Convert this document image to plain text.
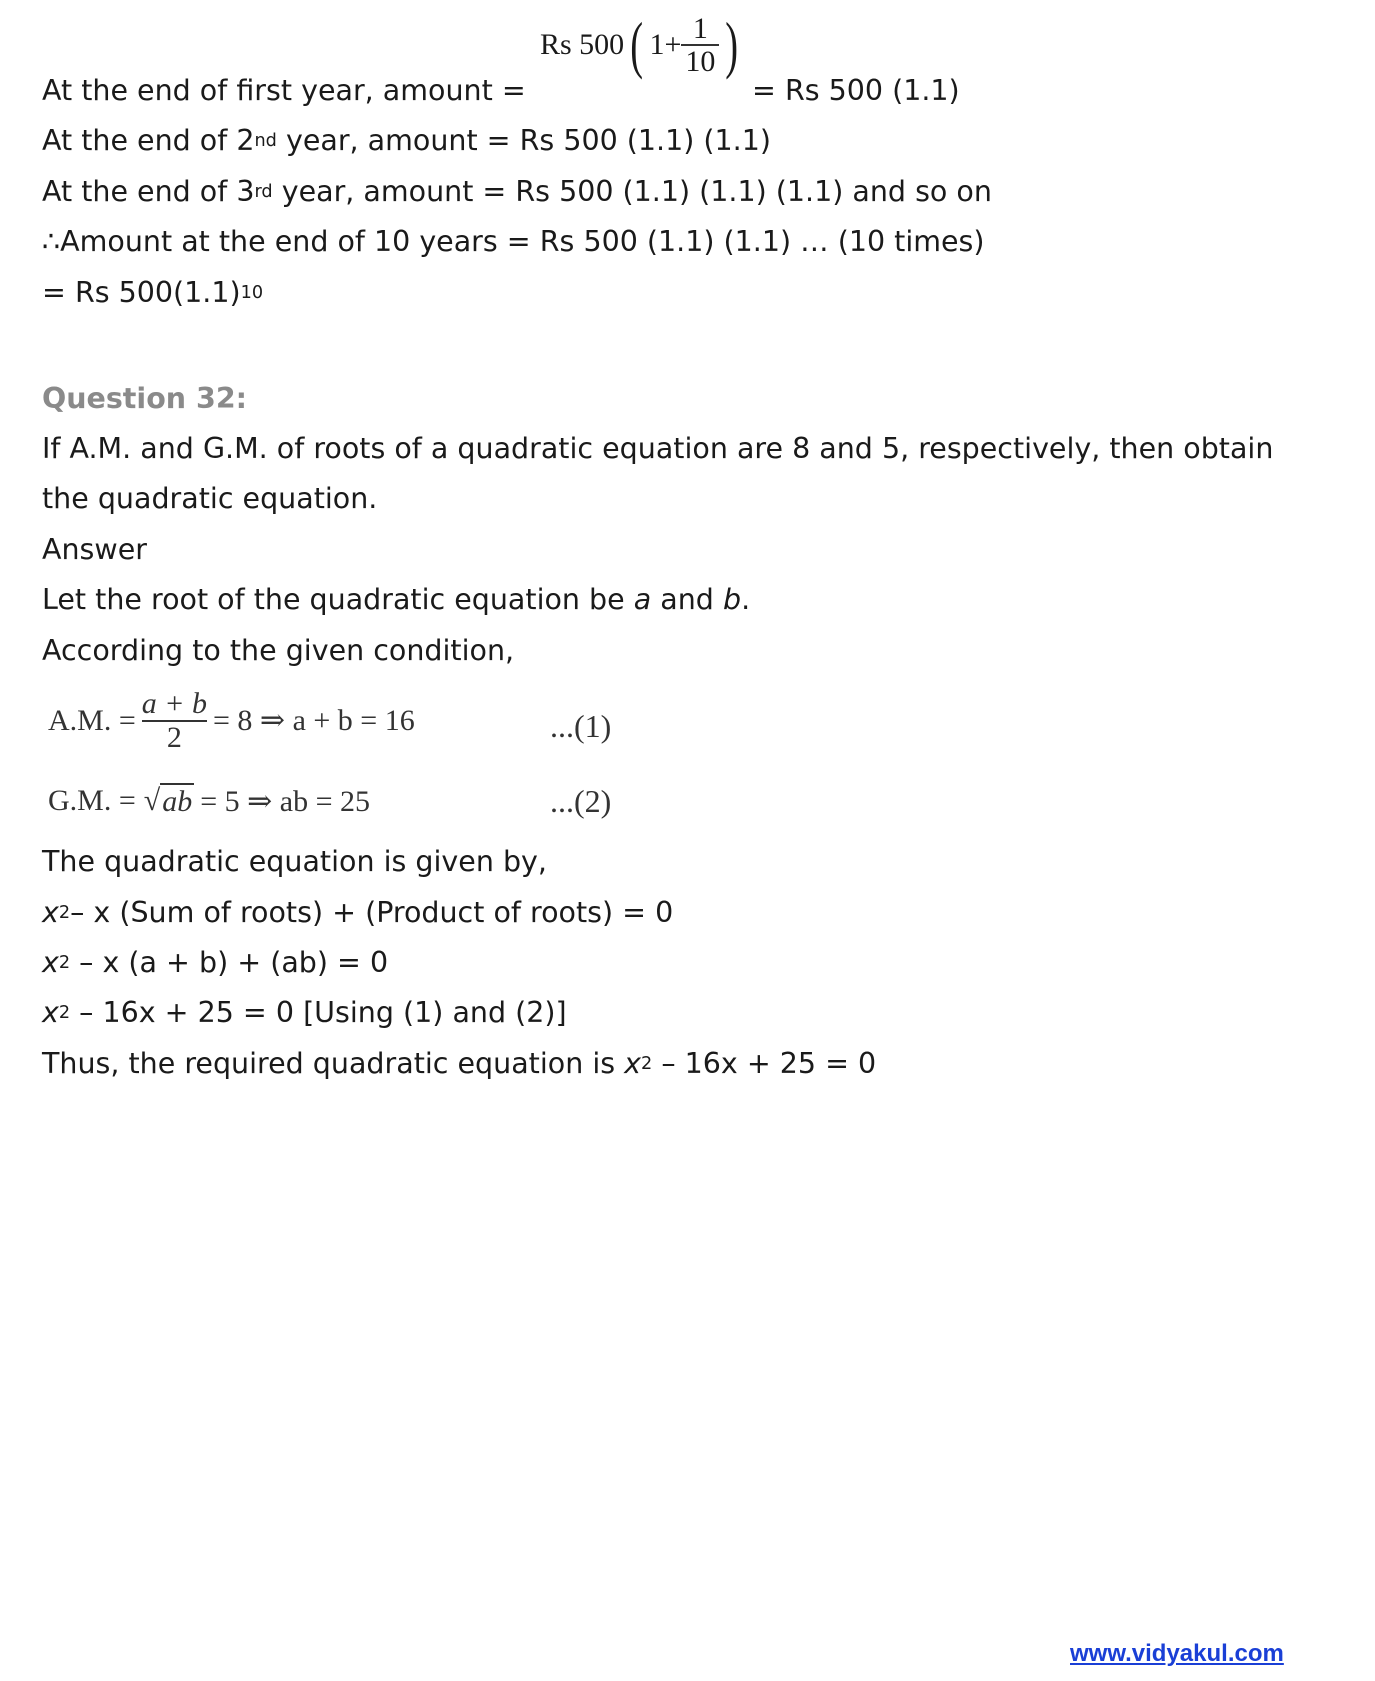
At the end of first year, amount =
Rs 500 ( $1+ \frac{1}{10}$ )
= Rs 500 (1.1)
At the end of 2nd year, amount = Rs 500 (1.1) (1.1)
At the end of 3rd year, amount = Rs 500 (1.1) (1.1) (1.1) and so on
∴Amount at the end of 10 years = Rs 500 (1.1) (1.1) … (10 times)
= Rs $500(1.1)^{10}$
Question 32:
If A.M. and G.M. of roots of a quadratic equation are 8 and 5, respectively, then obtain
the quadratic equation.
Answer
Let the root of the quadratic equation be a and b.
According to the given condition,
A.M. = $\frac{a + b}{2} = 8$ ⇒ a + b = 16	...(1)
G.M. = √ ab = 5 ⇒ ab = 25	...(2)
The quadratic equation is given by,
$x^2-$ x (Sum of roots) + (Product of roots) = 0
$x^2$ – x (a + b) + (ab) = 0
$x^2 - 16x + 25 = 0$ [Using (1) and (2)]
Thus, the required quadratic equation is $x^2 - 16x + 25 = 0$
www.vidyakul.com
